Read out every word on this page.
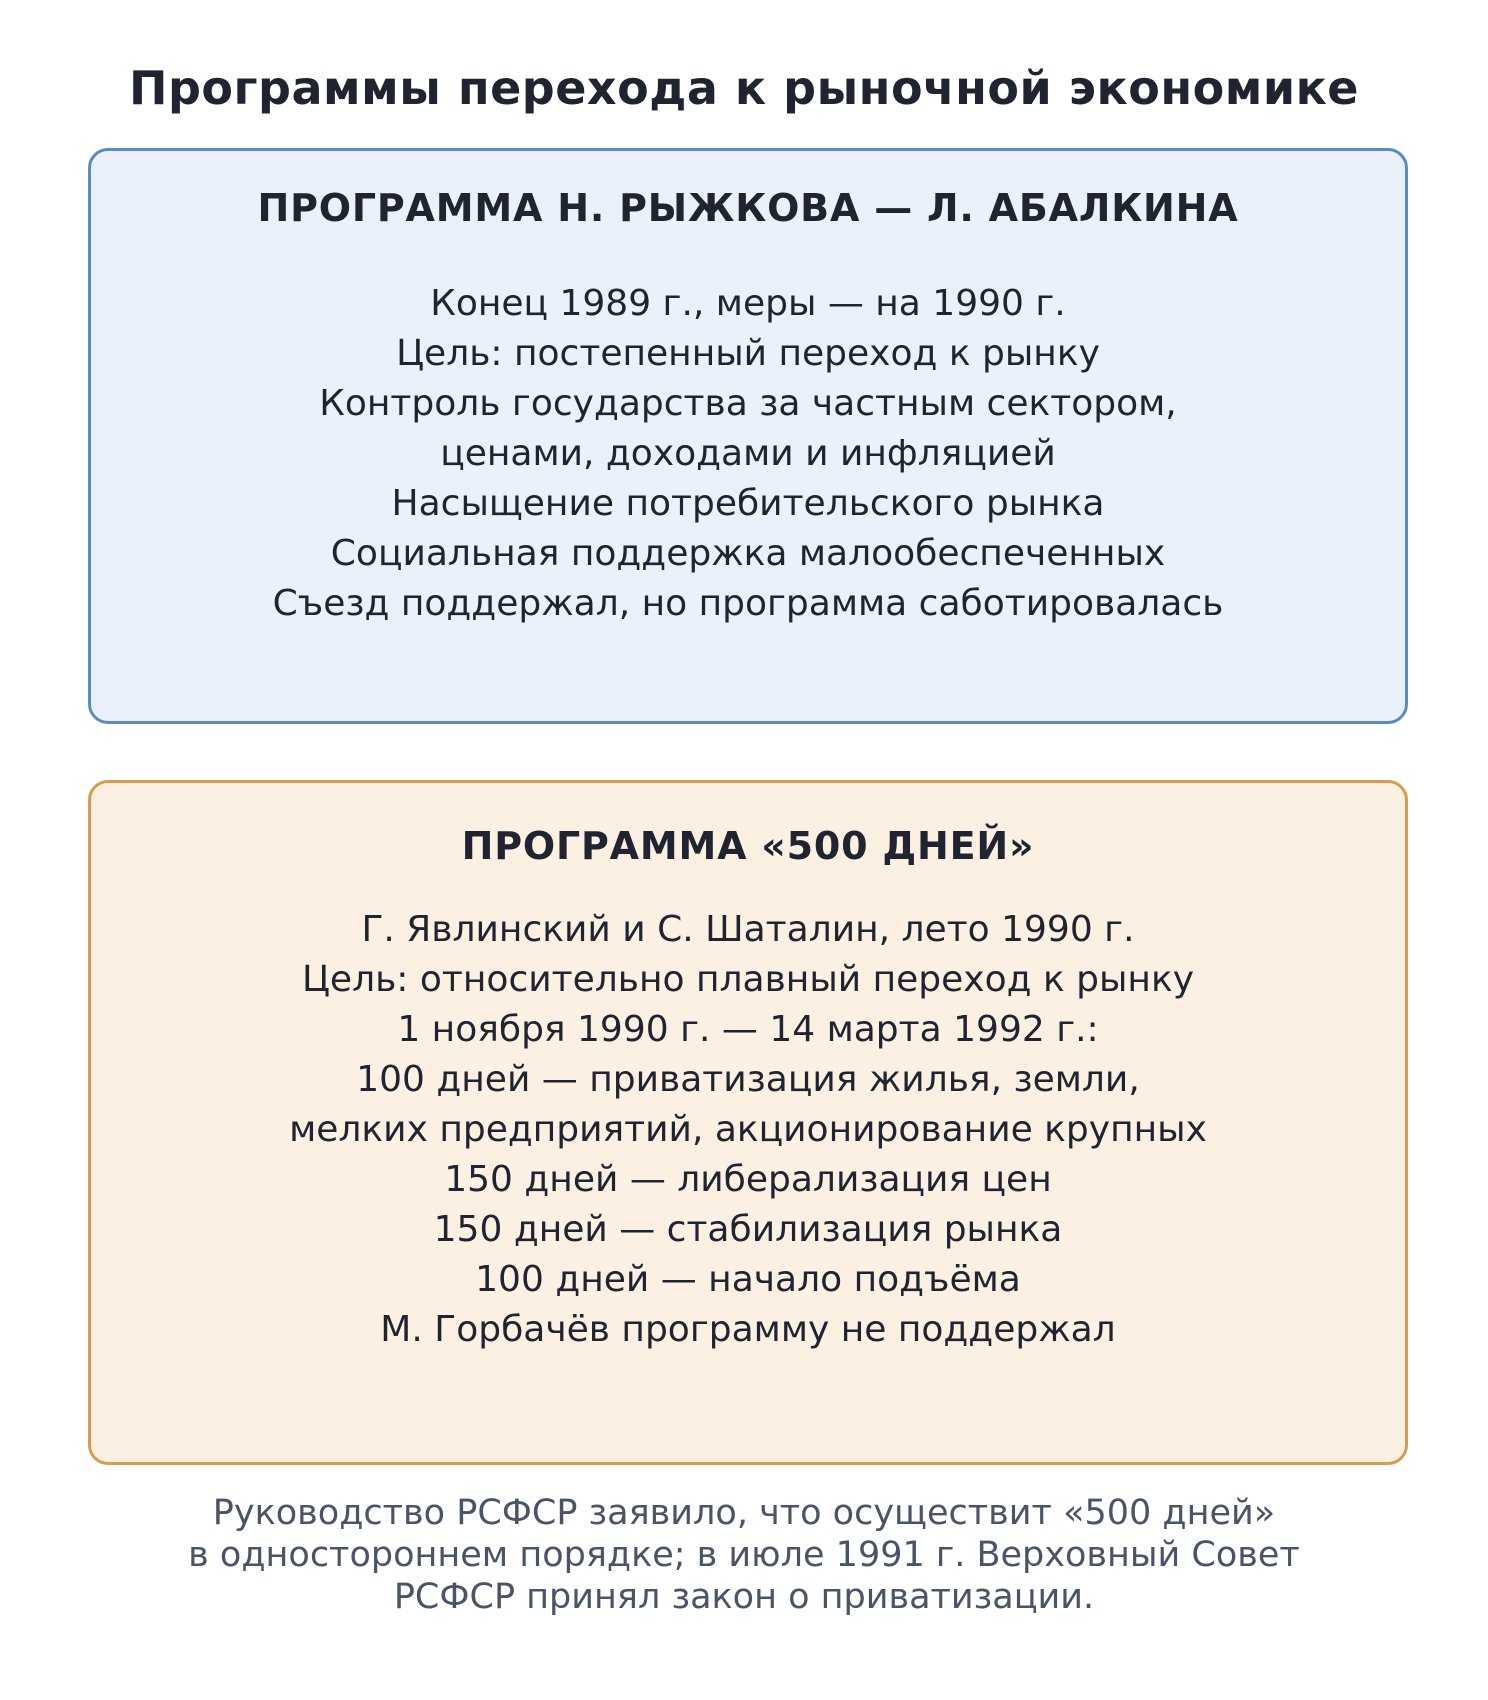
Программы перехода к рыночной экономике
ПРОГРАММА Н. РЫЖКОВА — Л. АБАЛКИНА
Конец 1989 г., меры — на 1990 г.
Цель: постепенный переход к рынку
Контроль государства за частным сектором,
ценами, доходами и инфляцией
Насыщение потребительского рынка
Социальная поддержка малообеспеченных
Съезд поддержал, но программа саботировалась
ПРОГРАММА «500 ДНЕЙ»
Г. Явлинский и С. Шаталин, лето 1990 г.
Цель: относительно плавный переход к рынку
1 ноября 1990 г. — 14 марта 1992 г.:
100 дней — приватизация жилья, земли,
мелких предприятий, акционирование крупных
150 дней — либерализация цен
150 дней — стабилизация рынка
100 дней — начало подъёма
М. Горбачёв программу не поддержал

Руководство РСФСР заявило, что осуществит «500 дней»
в одностороннем порядке; в июле 1991 г. Верховный Совет
РСФСР принял закон о приватизации.
